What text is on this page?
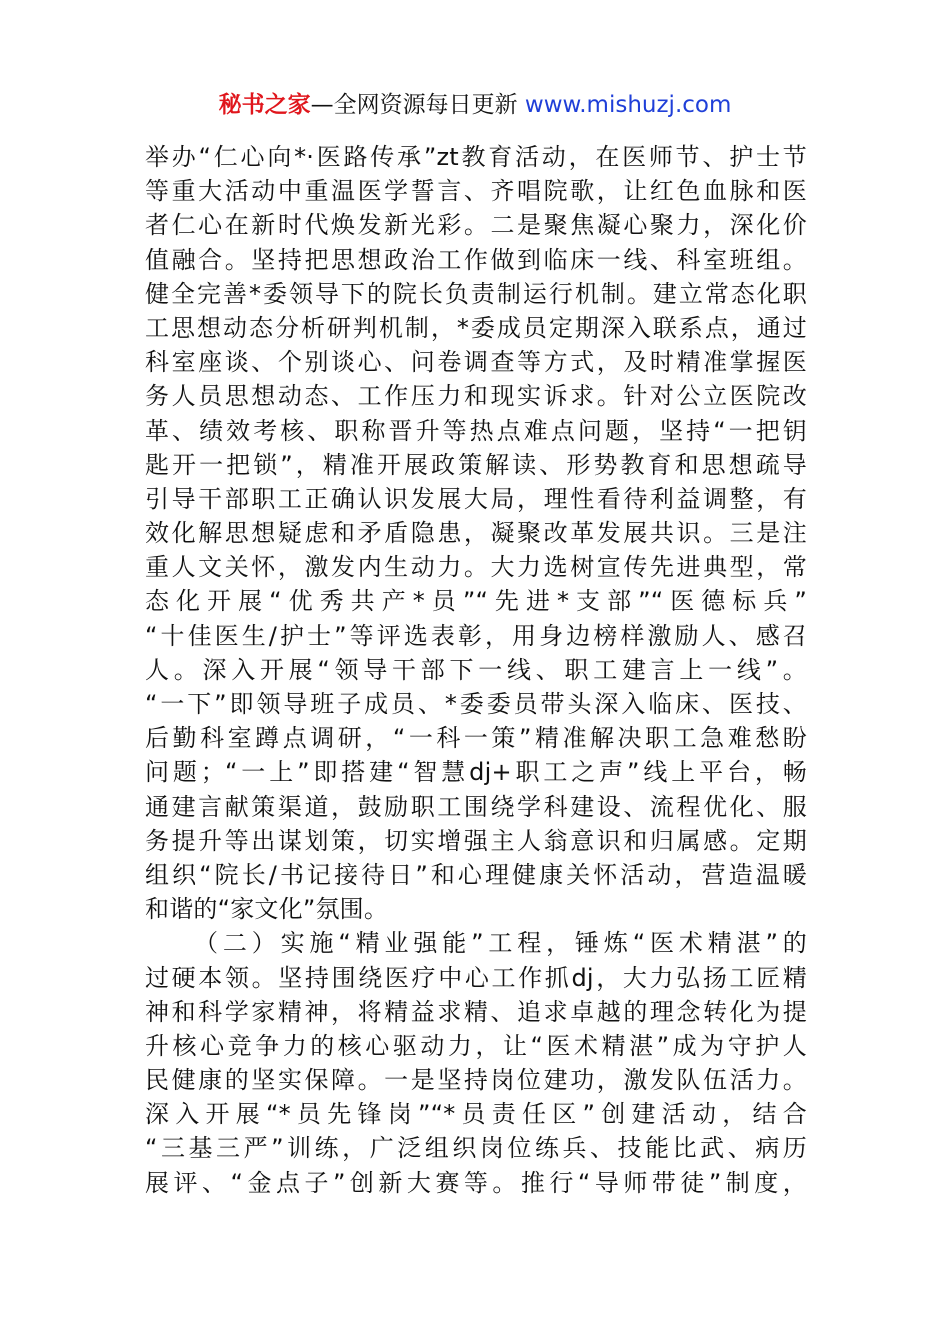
秘书之家—全网资源每日更新 www.mishuzj.com
举办“仁心向*·医路传承”zt教育活动，在医师节、护士节
等重大活动中重温医学誓言、齐唱院歌，让红色血脉和医
者仁心在新时代焕发新光彩。二是聚焦凝心聚力，深化价
值融合。坚持把思想政治工作做到临床一线、科室班组。
健全完善*委领导下的院长负责制运行机制。建立常态化职
工思想动态分析研判机制，*委成员定期深入联系点，通过
科室座谈、个别谈心、问卷调查等方式，及时精准掌握医
务人员思想动态、工作压力和现实诉求。针对公立医院改
革、绩效考核、职称晋升等热点难点问题，坚持“一把钥
匙开一把锁”，精准开展政策解读、形势教育和思想疏导
引导干部职工正确认识发展大局，理性看待利益调整，有
效化解思想疑虑和矛盾隐患，凝聚改革发展共识。三是注
重人文关怀，激发内生动力。大力选树宣传先进典型，常
态化开展“优秀共产*员”“先进*支部”“医德标兵”
“十佳医生/护士”等评选表彰，用身边榜样激励人、感召
人。深入开展“领导干部下一线、职工建言上一线”。
“一下”即领导班子成员、*委委员带头深入临床、医技、
后勤科室蹲点调研，“一科一策”精准解决职工急难愁盼
问题；“一上”即搭建“智慧dj+职工之声”线上平台，畅
通建言献策渠道，鼓励职工围绕学科建设、流程优化、服
务提升等出谋划策，切实增强主人翁意识和归属感。定期
组织“院长/书记接待日”和心理健康关怀活动，营造温暖
和谐的“家文化”氛围。
（二）实施“精业强能”工程，锤炼“医术精湛”的
过硬本领。坚持围绕医疗中心工作抓dj，大力弘扬工匠精
神和科学家精神，将精益求精、追求卓越的理念转化为提
升核心竞争力的核心驱动力，让“医术精湛”成为守护人
民健康的坚实保障。一是坚持岗位建功，激发队伍活力。
深入开展“*员先锋岗”“*员责任区”创建活动，结合
“三基三严”训练，广泛组织岗位练兵、技能比武、病历
展评、“金点子”创新大赛等。推行“导师带徒”制度，
